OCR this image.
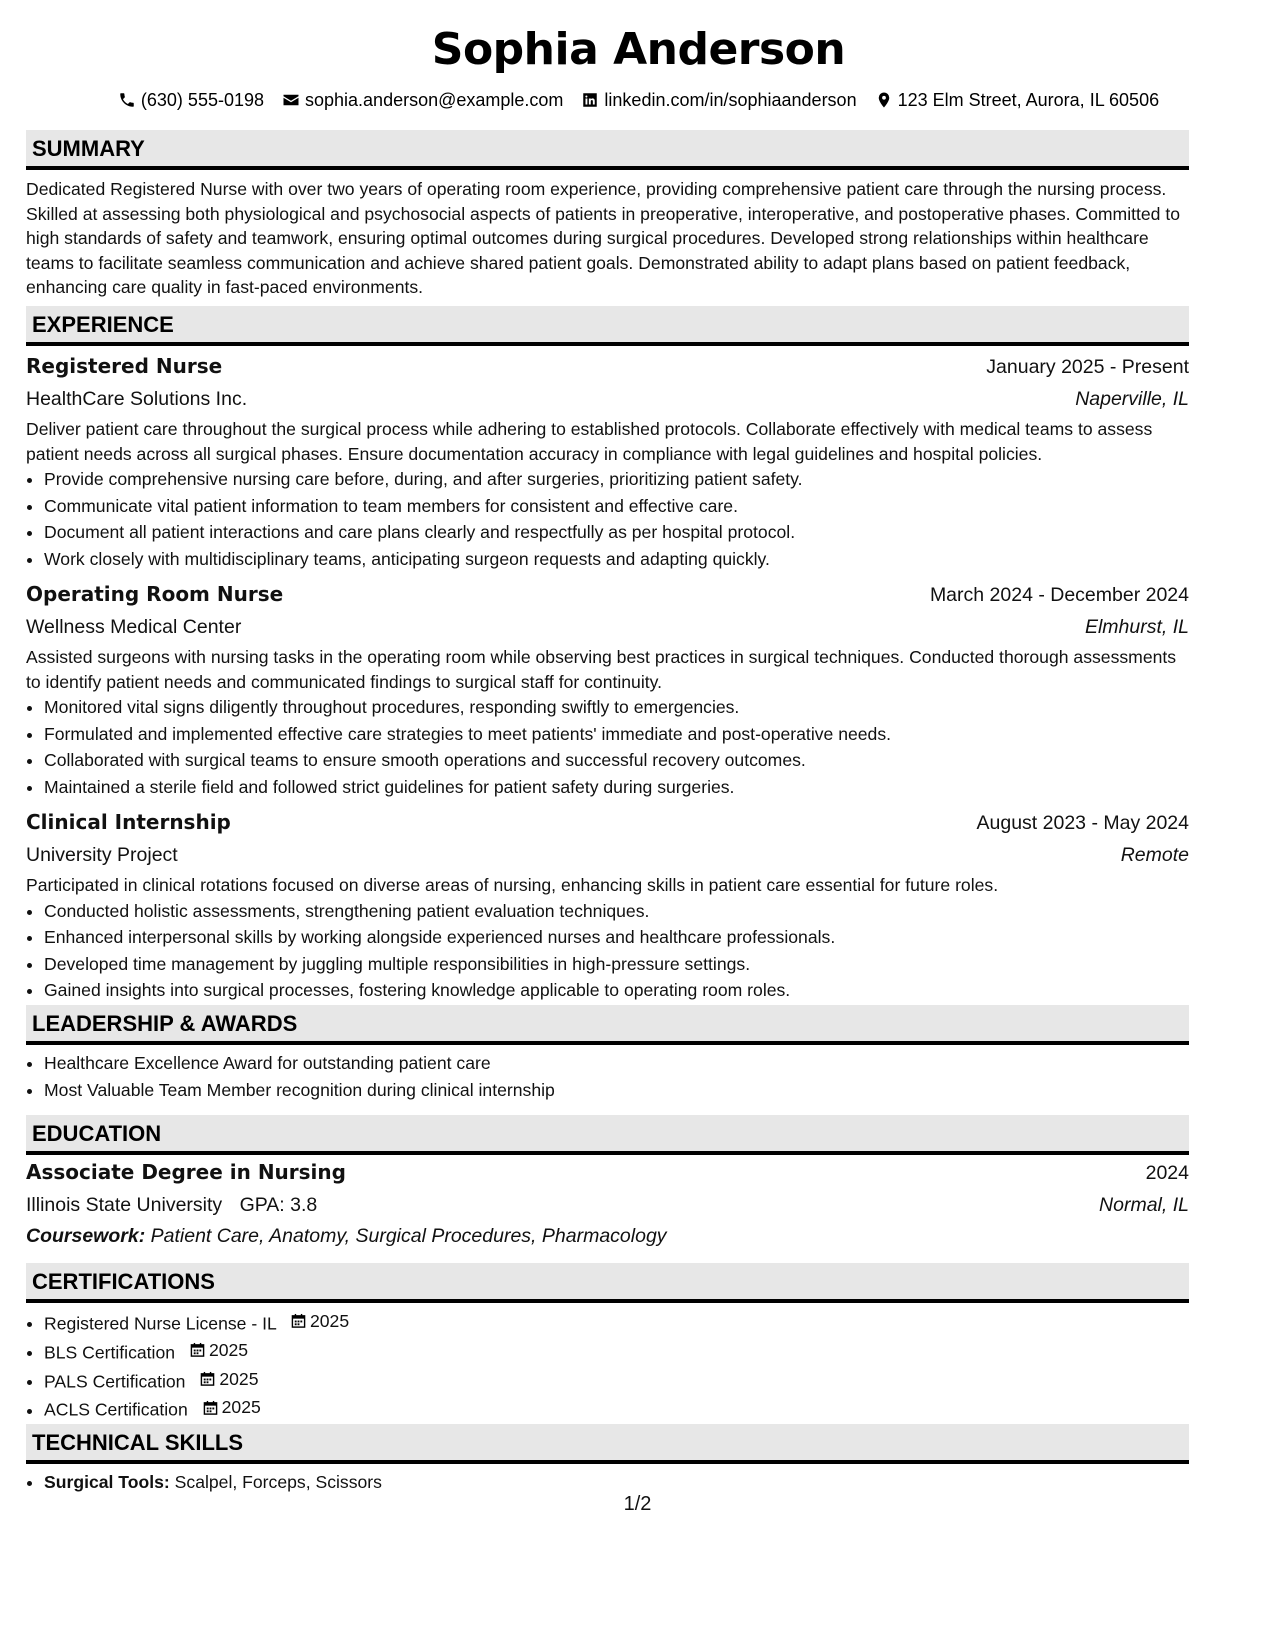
Sophia Anderson
(630) 555-0198 sophia.anderson@example.com linkedin.com/in/sophiaanderson 123 Elm Street, Aurora, IL 60506
SUMMARY
Dedicated Registered Nurse with over two years of operating room experience, providing comprehensive patient care through the nursing process. Skilled at assessing both physiological and psychosocial aspects of patients in preoperative, interoperative, and postoperative phases. Committed to high standards of safety and teamwork, ensuring optimal outcomes during surgical procedures. Developed strong relationships within healthcare teams to facilitate seamless communication and achieve shared patient goals. Demonstrated ability to adapt plans based on patient feedback, enhancing care quality in fast-paced environments.
EXPERIENCE
Registered Nurse	January 2025 - Present
HealthCare Solutions Inc.	Naperville, IL
Deliver patient care throughout the surgical process while adhering to established protocols. Collaborate effectively with medical teams to assess patient needs across all surgical phases. Ensure documentation accuracy in compliance with legal guidelines and hospital policies.
• Provide comprehensive nursing care before, during, and after surgeries, prioritizing patient safety.
• Communicate vital patient information to team members for consistent and effective care.
• Document all patient interactions and care plans clearly and respectfully as per hospital protocol.
• Work closely with multidisciplinary teams, anticipating surgeon requests and adapting quickly.
Operating Room Nurse	March 2024 - December 2024
Wellness Medical Center	Elmhurst, IL
Assisted surgeons with nursing tasks in the operating room while observing best practices in surgical techniques. Conducted thorough assessments to identify patient needs and communicated findings to surgical staff for continuity.
• Monitored vital signs diligently throughout procedures, responding swiftly to emergencies.
• Formulated and implemented effective care strategies to meet patients' immediate and post-operative needs.
• Collaborated with surgical teams to ensure smooth operations and successful recovery outcomes.
• Maintained a sterile field and followed strict guidelines for patient safety during surgeries.
Clinical Internship	August 2023 - May 2024
University Project	Remote
Participated in clinical rotations focused on diverse areas of nursing, enhancing skills in patient care essential for future roles.
• Conducted holistic assessments, strengthening patient evaluation techniques.
• Enhanced interpersonal skills by working alongside experienced nurses and healthcare professionals.
• Developed time management by juggling multiple responsibilities in high-pressure settings.
• Gained insights into surgical processes, fostering knowledge applicable to operating room roles.
LEADERSHIP & AWARDS
• Healthcare Excellence Award for outstanding patient care
• Most Valuable Team Member recognition during clinical internship
EDUCATION
Associate Degree in Nursing	2024
Illinois State University GPA: 3.8	Normal, IL
Coursework: Patient Care, Anatomy, Surgical Procedures, Pharmacology
CERTIFICATIONS
• Registered Nurse License - IL 2025
• BLS Certification 2025
• PALS Certification 2025
• ACLS Certification 2025
TECHNICAL SKILLS
• Surgical Tools: Scalpel, Forceps, Scissors
1/2
